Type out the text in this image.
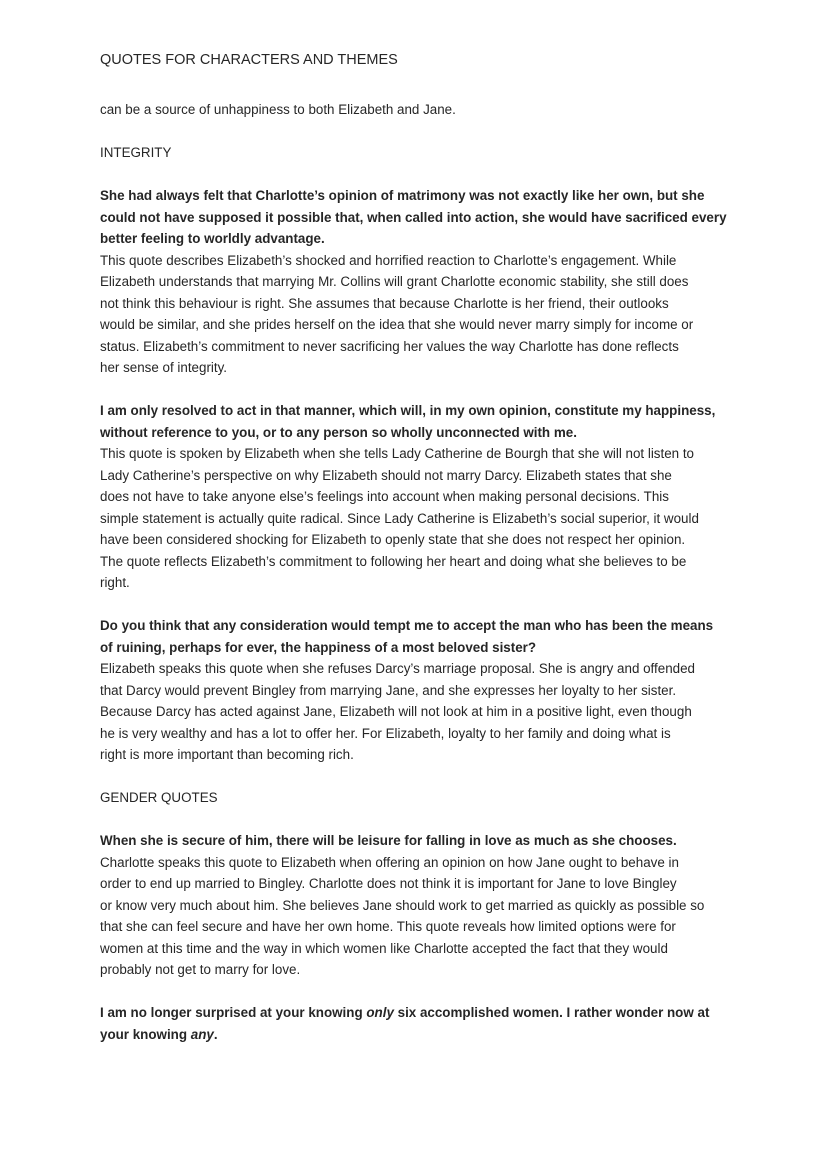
QUOTES FOR CHARACTERS AND THEMES
can be a source of unhappiness to both Elizabeth and Jane.
INTEGRITY
She had always felt that Charlotte’s opinion of matrimony was not exactly like her own, but she
could not have supposed it possible that, when called into action, she would have sacrificed every
better feeling to worldly advantage.
This quote describes Elizabeth’s shocked and horrified reaction to Charlotte’s engagement. While
Elizabeth understands that marrying Mr. Collins will grant Charlotte economic stability, she still does
not think this behaviour is right. She assumes that because Charlotte is her friend, their outlooks
would be similar, and she prides herself on the idea that she would never marry simply for income or
status. Elizabeth’s commitment to never sacrificing her values the way Charlotte has done reflects
her sense of integrity.
I am only resolved to act in that manner, which will, in my own opinion, constitute my happiness,
without reference to you, or to any person so wholly unconnected with me.
This quote is spoken by Elizabeth when she tells Lady Catherine de Bourgh that she will not listen to
Lady Catherine’s perspective on why Elizabeth should not marry Darcy. Elizabeth states that she
does not have to take anyone else’s feelings into account when making personal decisions. This
simple statement is actually quite radical. Since Lady Catherine is Elizabeth’s social superior, it would
have been considered shocking for Elizabeth to openly state that she does not respect her opinion.
The quote reflects Elizabeth’s commitment to following her heart and doing what she believes to be
right.
Do you think that any consideration would tempt me to accept the man who has been the means
of ruining, perhaps for ever, the happiness of a most beloved sister?
Elizabeth speaks this quote when she refuses Darcy’s marriage proposal. She is angry and offended
that Darcy would prevent Bingley from marrying Jane, and she expresses her loyalty to her sister.
Because Darcy has acted against Jane, Elizabeth will not look at him in a positive light, even though
he is very wealthy and has a lot to offer her. For Elizabeth, loyalty to her family and doing what is
right is more important than becoming rich.
GENDER QUOTES
When she is secure of him, there will be leisure for falling in love as much as she chooses.
Charlotte speaks this quote to Elizabeth when offering an opinion on how Jane ought to behave in
order to end up married to Bingley. Charlotte does not think it is important for Jane to love Bingley
or know very much about him. She believes Jane should work to get married as quickly as possible so
that she can feel secure and have her own home. This quote reveals how limited options were for
women at this time and the way in which women like Charlotte accepted the fact that they would
probably not get to marry for love.
I am no longer surprised at your knowing only six accomplished women. I rather wonder now at
your knowing any.
